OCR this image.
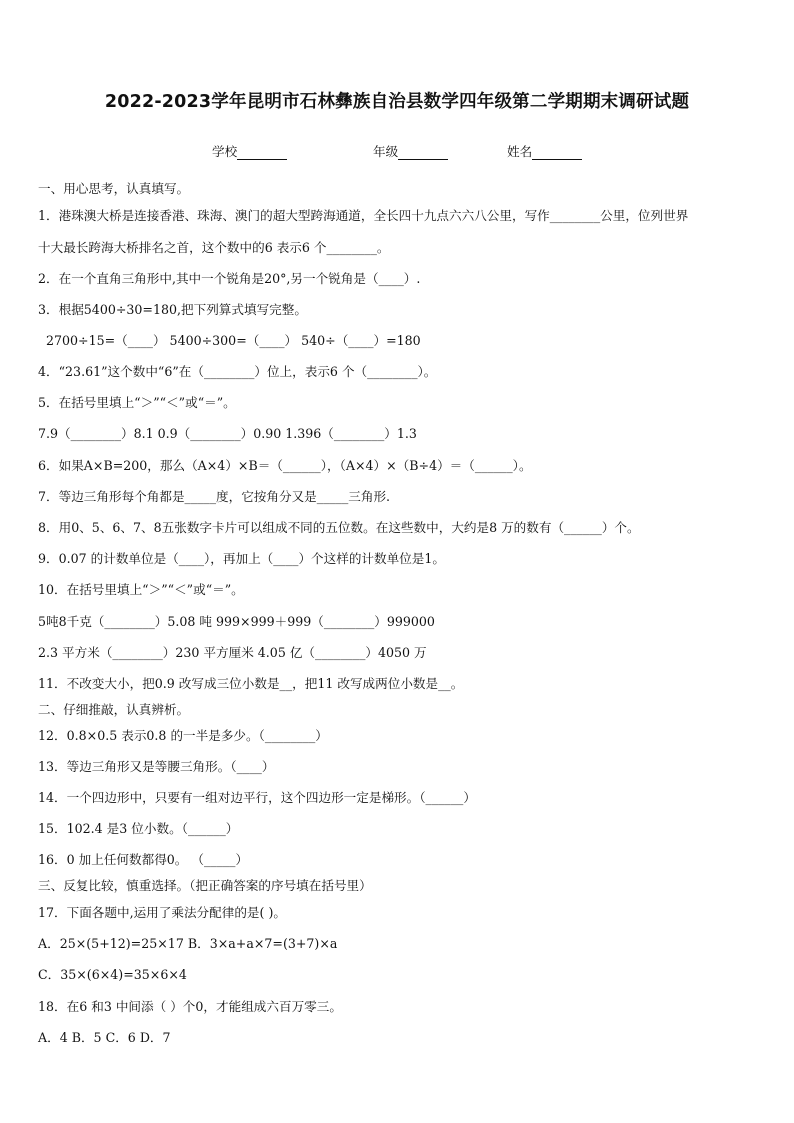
2022-2023学年昆明市石林彝族自治县数学四年级第二学期期末调研试题
学校	年级	姓名
一、用心思考，认真填写。
1．港珠澳大桥是连接香港、珠海、澳门的超大型跨海通道，全长四十九点六六八公里，写作________公里，位列世界
十大最长跨海大桥排名之首，这个数中的6 表示6 个________。
2．在一个直角三角形中,其中一个锐角是20°,另一个锐角是（____）.
3．根据5400÷30=180,把下列算式填写完整。
2700÷15=（____） 5400÷300=（____） 540÷（____）=180
4．“23.61”这个数中“6”在（________）位上，表示6 个（________）。
5．在括号里填上“＞”“＜”或“＝”。
7.9（________）8.1 0.9（________）0.90 1.396（________）1.3
6．如果A×B=200，那么（A×4）×B＝（______），（A×4）×（B÷4）＝（______）。
7．等边三角形每个角都是_____度，它按角分又是_____三角形.
8．用0、5、6、7、8五张数字卡片可以组成不同的五位数。在这些数中，大约是8 万的数有（______）个。
9．0.07 的计数单位是（____），再加上（____）个这样的计数单位是1。
10．在括号里填上“＞”“＜”或“＝”。
5吨8千克（________）5.08 吨 999×999＋999（________）999000
2.3 平方米（________）230 平方厘米 4.05 亿（________）4050 万
11．不改变大小，把0.9 改写成三位小数是__，把11 改写成两位小数是__。
二、仔细推敲，认真辨析。
12．0.8×0.5 表示0.8 的一半是多少。（________）
13．等边三角形又是等腰三角形。（____）
14．一个四边形中，只要有一组对边平行，这个四边形一定是梯形。（______）
15．102.4 是3 位小数。（______）
16．0 加上任何数都得0。 （_____）
三、反复比较，慎重选择。（把正确答案的序号填在括号里）
17．下面各题中,运用了乘法分配律的是( )。
A．25×(5+12)=25×17 B．3×a+a×7=(3+7)×a
C．35×(6×4)=35×6×4
18．在6 和3 中间添（ ）个0，才能组成六百万零三。
A．4 B．5 C．6 D．7
